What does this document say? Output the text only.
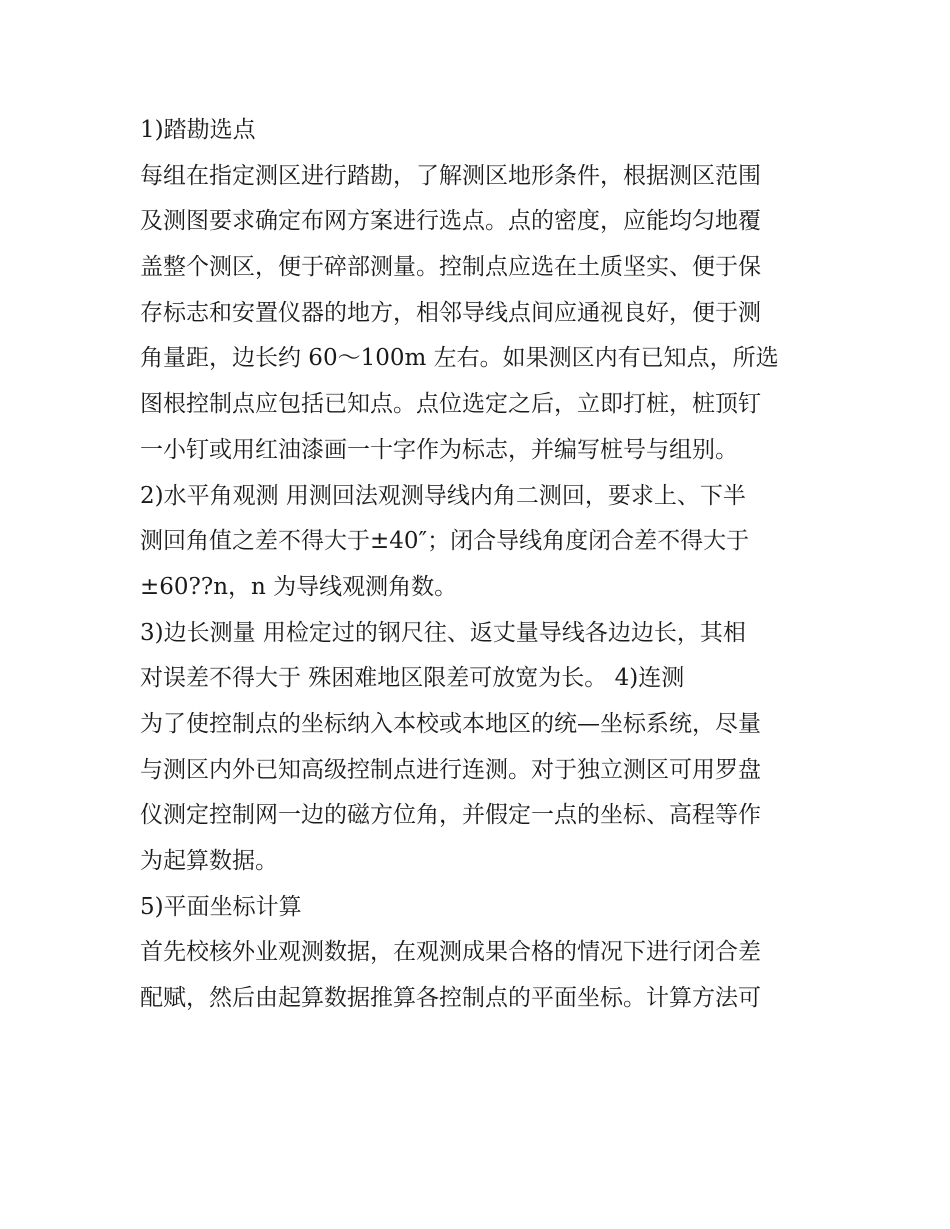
1)踏勘选点
每组在指定测区进行踏勘，了解测区地形条件，根据测区范围
及测图要求确定布网方案进行选点。点的密度，应能均匀地覆
盖整个测区，便于碎部测量。控制点应选在土质坚实、便于保
存标志和安置仪器的地方，相邻导线点间应通视良好，便于测
角量距，边长约 60～100m 左右。如果测区内有已知点，所选
图根控制点应包括已知点。点位选定之后，立即打桩，桩顶钉
一小钉或用红油漆画一十字作为标志，并编写桩号与组别。
2)水平角观测 用测回法观测导线内角二测回，要求上、下半
测回角值之差不得大于±40″；闭合导线角度闭合差不得大于
±60??n，n 为导线观测角数。
3)边长测量 用检定过的钢尺往、返丈量导线各边边长，其相
对误差不得大于 殊困难地区限差可放宽为长。 4)连测
为了使控制点的坐标纳入本校或本地区的统—坐标系统，尽量
与测区内外已知高级控制点进行连测。对于独立测区可用罗盘
仪测定控制网一边的磁方位角，并假定一点的坐标、高程等作
为起算数据。
5)平面坐标计算
首先校核外业观测数据，在观测成果合格的情况下进行闭合差
配赋，然后由起算数据推算各控制点的平面坐标。计算方法可
